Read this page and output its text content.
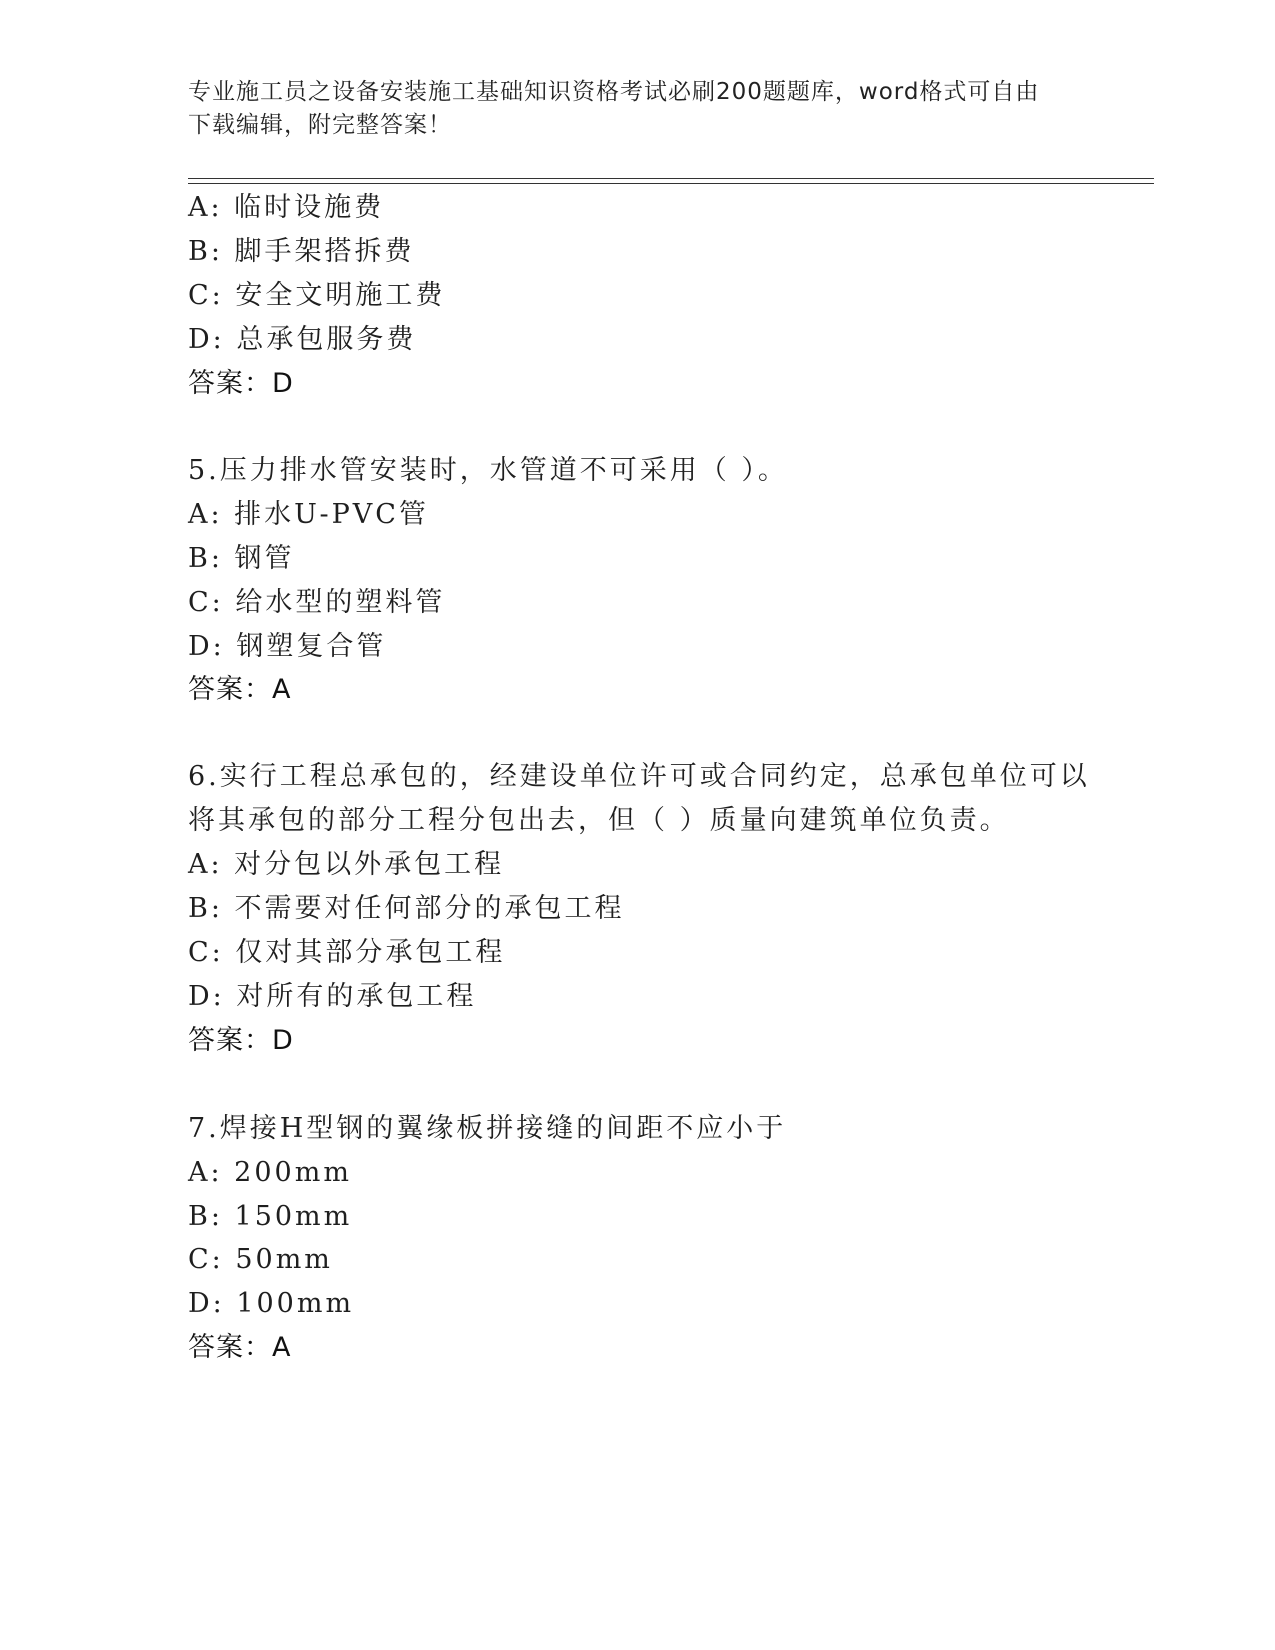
专业施工员之设备安装施工基础知识资格考试必刷200题题库，word格式可自由
下载编辑，附完整答案！
A: 临时设施费
B: 脚手架搭拆费
C: 安全文明施工费
D: 总承包服务费
答案：D
5.压力排水管安装时，水管道不可采用（ ）。
A: 排水U-PVC管
B: 钢管
C: 给水型的塑料管
D: 钢塑复合管
答案：A
6.实行工程总承包的，经建设单位许可或合同约定，总承包单位可以
将其承包的部分工程分包出去，但（ ）质量向建筑单位负责。
A: 对分包以外承包工程
B: 不需要对任何部分的承包工程
C: 仅对其部分承包工程
D: 对所有的承包工程
答案：D
7.焊接H型钢的翼缘板拼接缝的间距不应小于
A: 200mm
B: 150mm
C: 50mm
D: 100mm
答案：A
